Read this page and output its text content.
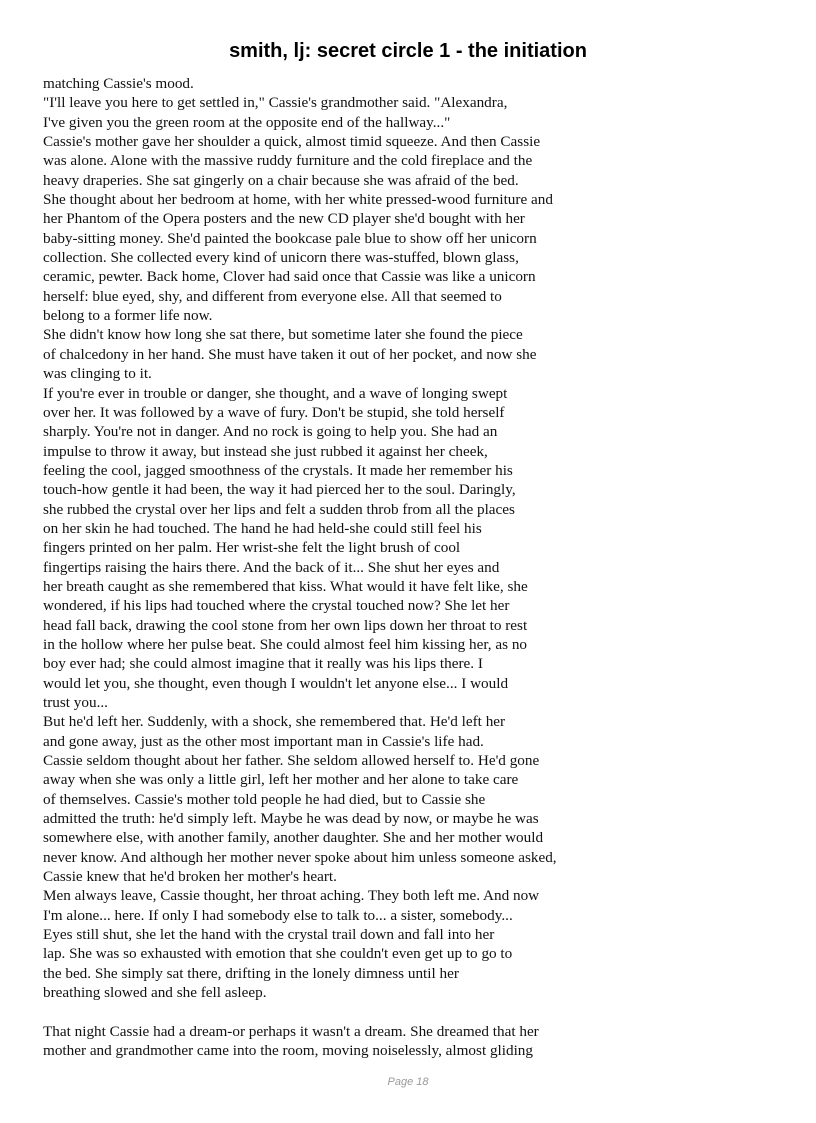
smith, lj: secret circle 1 - the initiation
matching Cassie's mood.
"I'll leave you here to get settled in," Cassie's grandmother said. "Alexandra,
I've given you the green room at the opposite end of the hallway..."
Cassie's mother gave her shoulder a quick, almost timid squeeze. And then Cassie
was alone. Alone with the massive ruddy furniture and the cold fireplace and the
heavy draperies. She sat gingerly on a chair because she was afraid of the bed.
She thought about her bedroom at home, with her white pressed-wood furniture and
her Phantom of the Opera posters and the new CD player she'd bought with her
baby-sitting money. She'd painted the bookcase pale blue to show off her unicorn
collection. She collected every kind of unicorn there was-stuffed, blown glass,
ceramic, pewter. Back home, Clover had said once that Cassie was like a unicorn
herself: blue eyed, shy, and different from everyone else. All that seemed to
belong to a former life now.
She didn't know how long she sat there, but sometime later she found the piece
of chalcedony in her hand. She must have taken it out of her pocket, and now she
was clinging to it.
If you're ever in trouble or danger, she thought, and a wave of longing swept
over her. It was followed by a wave of fury. Don't be stupid, she told herself
sharply. You're not in danger. And no rock is going to help you. She had an
impulse to throw it away, but instead she just rubbed it against her cheek,
feeling the cool, jagged smoothness of the crystals. It made her remember his
touch-how gentle it had been, the way it had pierced her to the soul. Daringly,
she rubbed the crystal over her lips and felt a sudden throb from all the places
on her skin he had touched. The hand he had held-she could still feel his
fingers printed on her palm. Her wrist-she felt the light brush of cool
fingertips raising the hairs there. And the back of it... She shut her eyes and
her breath caught as she remembered that kiss. What would it have felt like, she
wondered, if his lips had touched where the crystal touched now? She let her
head fall back, drawing the cool stone from her own lips down her throat to rest
in the hollow where her pulse beat. She could almost feel him kissing her, as no
boy ever had; she could almost imagine that it really was his lips there. I
would let you, she thought, even though I wouldn't let anyone else... I would
trust you...
But he'd left her. Suddenly, with a shock, she remembered that. He'd left her
and gone away, just as the other most important man in Cassie's life had.
Cassie seldom thought about her father. She seldom allowed herself to. He'd gone
away when she was only a little girl, left her mother and her alone to take care
of themselves. Cassie's mother told people he had died, but to Cassie she
admitted the truth: he'd simply left. Maybe he was dead by now, or maybe he was
somewhere else, with another family, another daughter. She and her mother would
never know. And although her mother never spoke about him unless someone asked,
Cassie knew that he'd broken her mother's heart.
Men always leave, Cassie thought, her throat aching. They both left me. And now
I'm alone... here. If only I had somebody else to talk to... a sister, somebody...
Eyes still shut, she let the hand with the crystal trail down and fall into her
lap. She was so exhausted with emotion that she couldn't even get up to go to
the bed. She simply sat there, drifting in the lonely dimness until her
breathing slowed and she fell asleep.
That night Cassie had a dream-or perhaps it wasn't a dream. She dreamed that her
mother and grandmother came into the room, moving noiselessly, almost gliding
Page 18
